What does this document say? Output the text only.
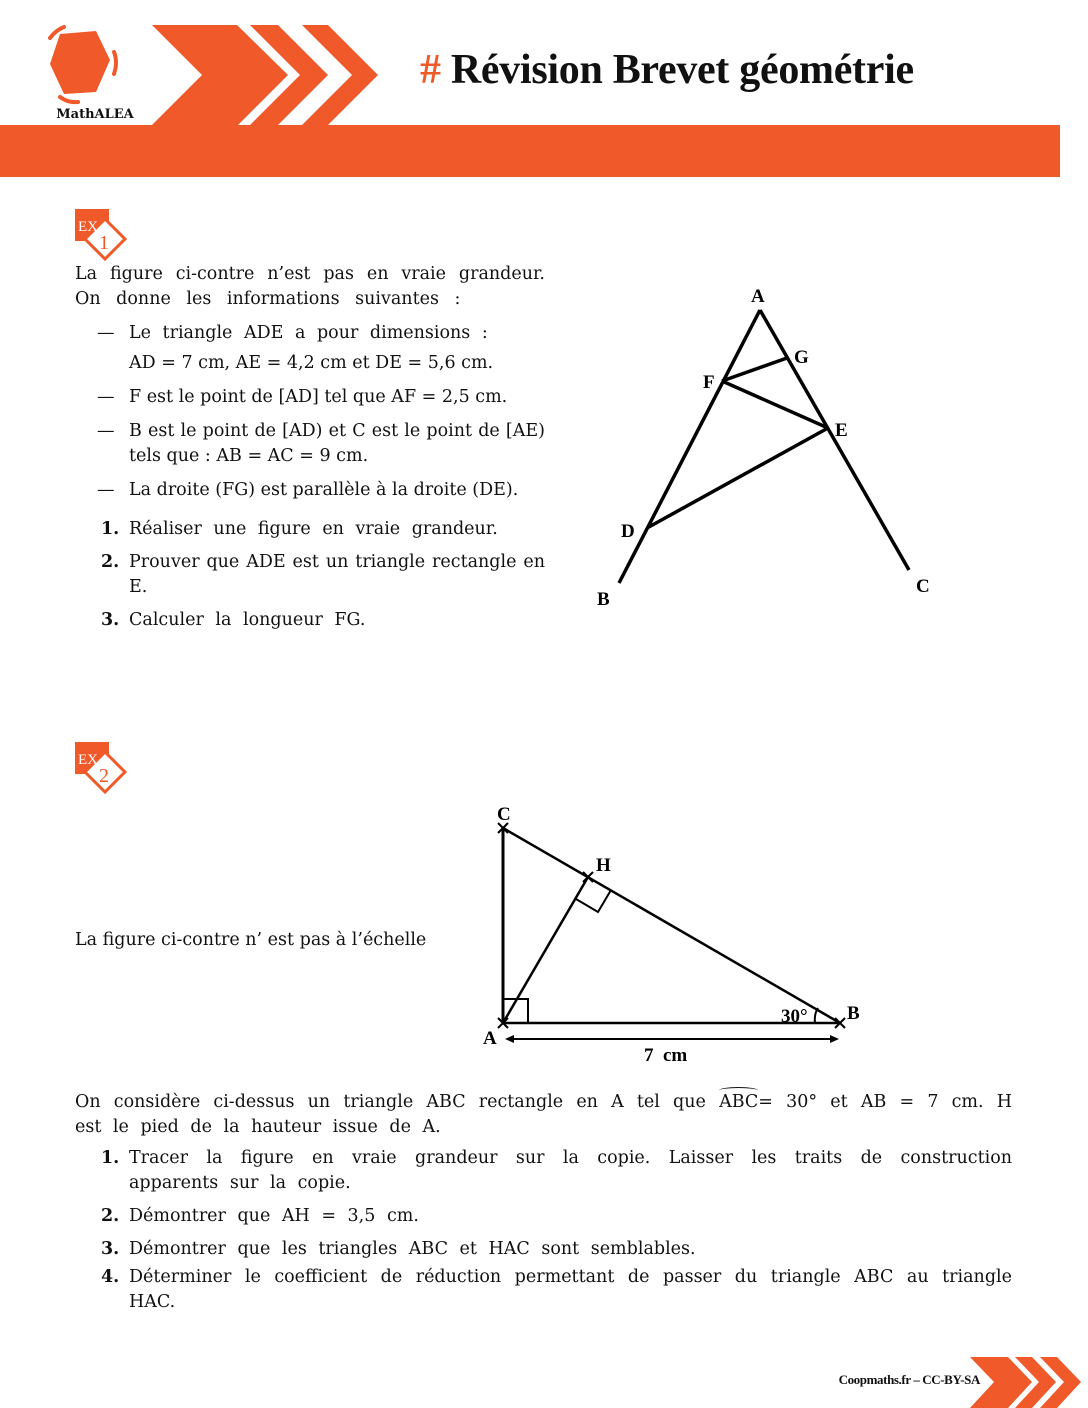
MathALEA
# Révision Brevet géométrie
EX
1
La figure ci-contre n’est pas en vraie grandeur.
On donne les informations suivantes :
— Le triangle ADE a pour dimensions :
AD = 7 cm, AE = 4,2 cm et DE = 5,6 cm.
— F est le point de [AD] tel que AF = 2,5 cm.
— B est le point de [AD) et C est le point de [AE) tels que : AB = AC = 9 cm.
— La droite (FG) est parallèle à la droite (DE).
1. Réaliser une figure en vraie grandeur.
2. Prouver que ADE est un triangle rectangle en E.
3. Calculer la longueur FG.
A
G
F
E
D
B
C
EX
2
La figure ci-contre n’ est pas à l’échelle
C
H
A
B
30°
7  cm
On considère ci-dessus un triangle ABC rectangle en A tel que ABC= 30° et AB = 7 cm. H est le pied de la hauteur issue de A.
1. Tracer la figure en vraie grandeur sur la copie. Laisser les traits de construction apparents sur la copie.
2. Démontrer que AH = 3,5 cm.
3. Démontrer que les triangles ABC et HAC sont semblables.
4. Déterminer le coefficient de réduction permettant de passer du triangle ABC au triangle HAC.
Coopmaths.fr – CC-BY-SA
